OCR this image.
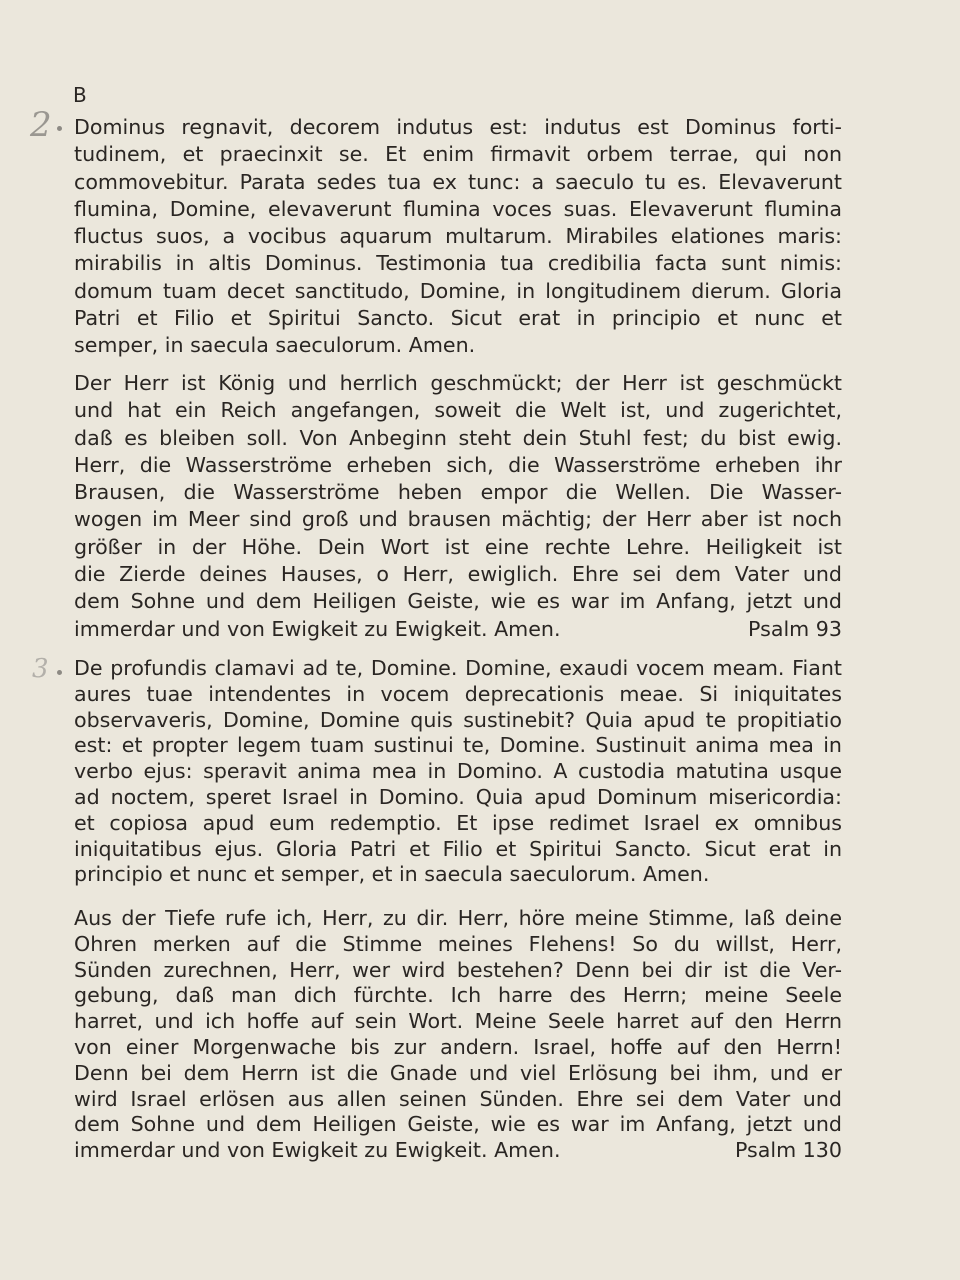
B
2
3
Dominus regnavit, decorem indutus est: indutus est Dominus forti-
tudinem, et praecinxit se. Et enim firmavit orbem terrae, qui non
commovebitur. Parata sedes tua ex tunc: a saeculo tu es. Elevaverunt
flumina, Domine, elevaverunt flumina voces suas. Elevaverunt flumina
fluctus suos, a vocibus aquarum multarum. Mirabiles elationes maris:
mirabilis in altis Dominus. Testimonia tua credibilia facta sunt nimis:
domum tuam decet sanctitudo, Domine, in longitudinem dierum. Gloria
Patri et Filio et Spiritui Sancto. Sicut erat in principio et nunc et
semper, in saecula saeculorum. Amen.
Der Herr ist König und herrlich geschmückt; der Herr ist geschmückt
und hat ein Reich angefangen, soweit die Welt ist, und zugerichtet,
daß es bleiben soll. Von Anbeginn steht dein Stuhl fest; du bist ewig.
Herr, die Wasserströme erheben sich, die Wasserströme erheben ihr
Brausen, die Wasserströme heben empor die Wellen. Die Wasser-
wogen im Meer sind groß und brausen mächtig; der Herr aber ist noch
größer in der Höhe. Dein Wort ist eine rechte Lehre. Heiligkeit ist
die Zierde deines Hauses, o Herr, ewiglich. Ehre sei dem Vater und
dem Sohne und dem Heiligen Geiste, wie es war im Anfang, jetzt und
immerdar und von Ewigkeit zu Ewigkeit. Amen.	Psalm 93
De profundis clamavi ad te, Domine. Domine, exaudi vocem meam. Fiant
aures tuae intendentes in vocem deprecationis meae. Si iniquitates
observaveris, Domine, Domine quis sustinebit? Quia apud te propitiatio
est: et propter legem tuam sustinui te, Domine. Sustinuit anima mea in
verbo ejus: speravit anima mea in Domino. A custodia matutina usque
ad noctem, speret Israel in Domino. Quia apud Dominum misericordia:
et copiosa apud eum redemptio. Et ipse redimet Israel ex omnibus
iniquitatibus ejus. Gloria Patri et Filio et Spiritui Sancto. Sicut erat in
principio et nunc et semper, et in saecula saeculorum. Amen.
Aus der Tiefe rufe ich, Herr, zu dir. Herr, höre meine Stimme, laß deine
Ohren merken auf die Stimme meines Flehens! So du willst, Herr,
Sünden zurechnen, Herr, wer wird bestehen? Denn bei dir ist die Ver-
gebung, daß man dich fürchte. Ich harre des Herrn; meine Seele
harret, und ich hoffe auf sein Wort. Meine Seele harret auf den Herrn
von einer Morgenwache bis zur andern. Israel, hoffe auf den Herrn!
Denn bei dem Herrn ist die Gnade und viel Erlösung bei ihm, und er
wird Israel erlösen aus allen seinen Sünden. Ehre sei dem Vater und
dem Sohne und dem Heiligen Geiste, wie es war im Anfang, jetzt und
immerdar und von Ewigkeit zu Ewigkeit. Amen.	Psalm 130
